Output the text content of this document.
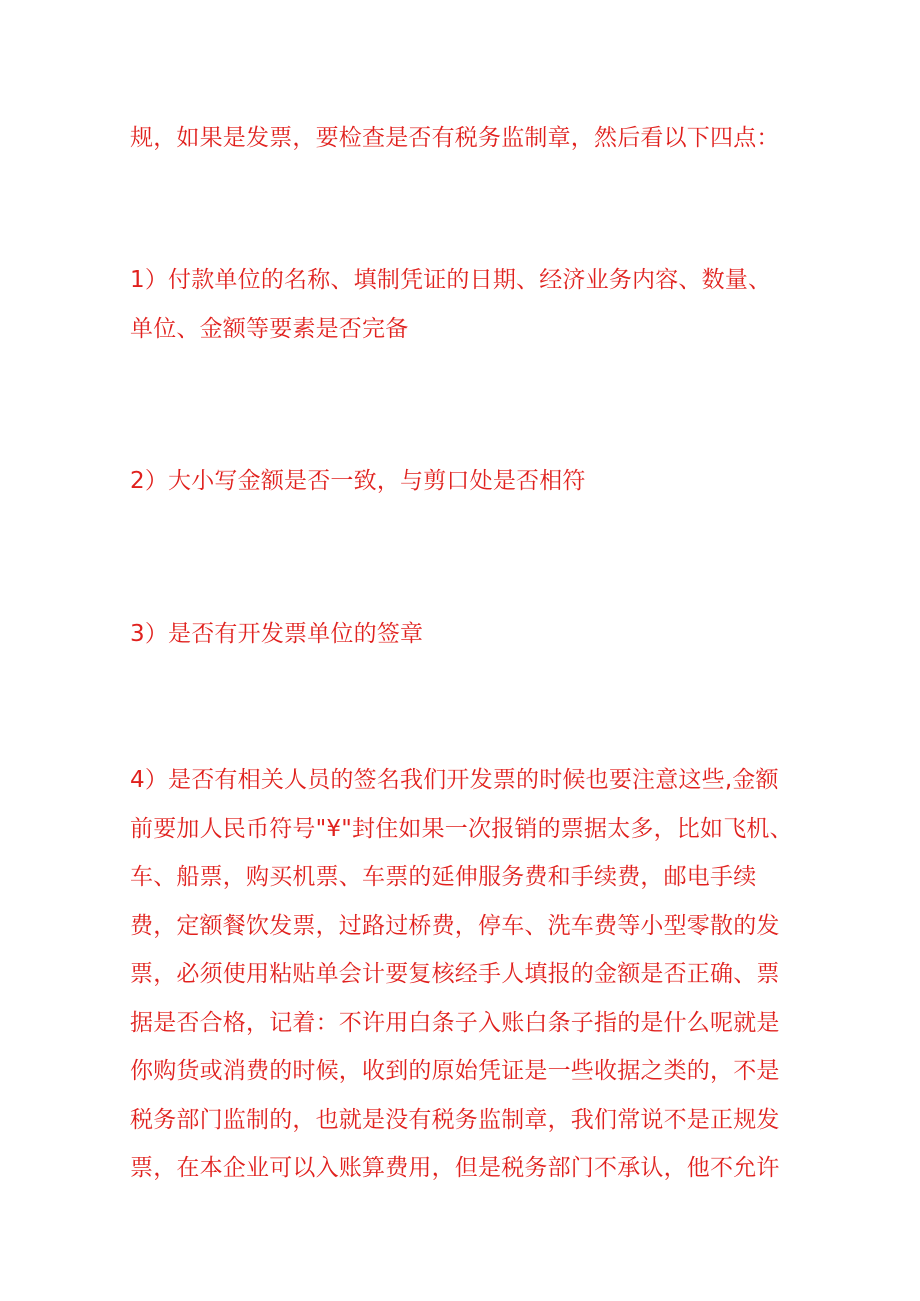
规，如果是发票，要检查是否有税务监制章，然后看以下四点：

1）付款单位的名称、填制凭证的日期、经济业务内容、数量、
单位、金额等要素是否完备

2）大小写金额是否一致，与剪口处是否相符

3）是否有开发票单位的签章

4）是否有相关人员的签名我们开发票的时候也要注意这些,金额
前要加人民币符号"¥"封住如果一次报销的票据太多，比如飞机、
车、船票，购买机票、车票的延伸服务费和手续费，邮电手续
费，定额餐饮发票，过路过桥费，停车、洗车费等小型零散的发
票，必须使用粘贴单会计要复核经手人填报的金额是否正确、票
据是否合格，记着：不许用白条子入账白条子指的是什么呢就是
你购货或消费的时候，收到的原始凭证是一些收据之类的，不是
税务部门监制的，也就是没有税务监制章，我们常说不是正规发
票，在本企业可以入账算费用，但是税务部门不承认，他不允许
